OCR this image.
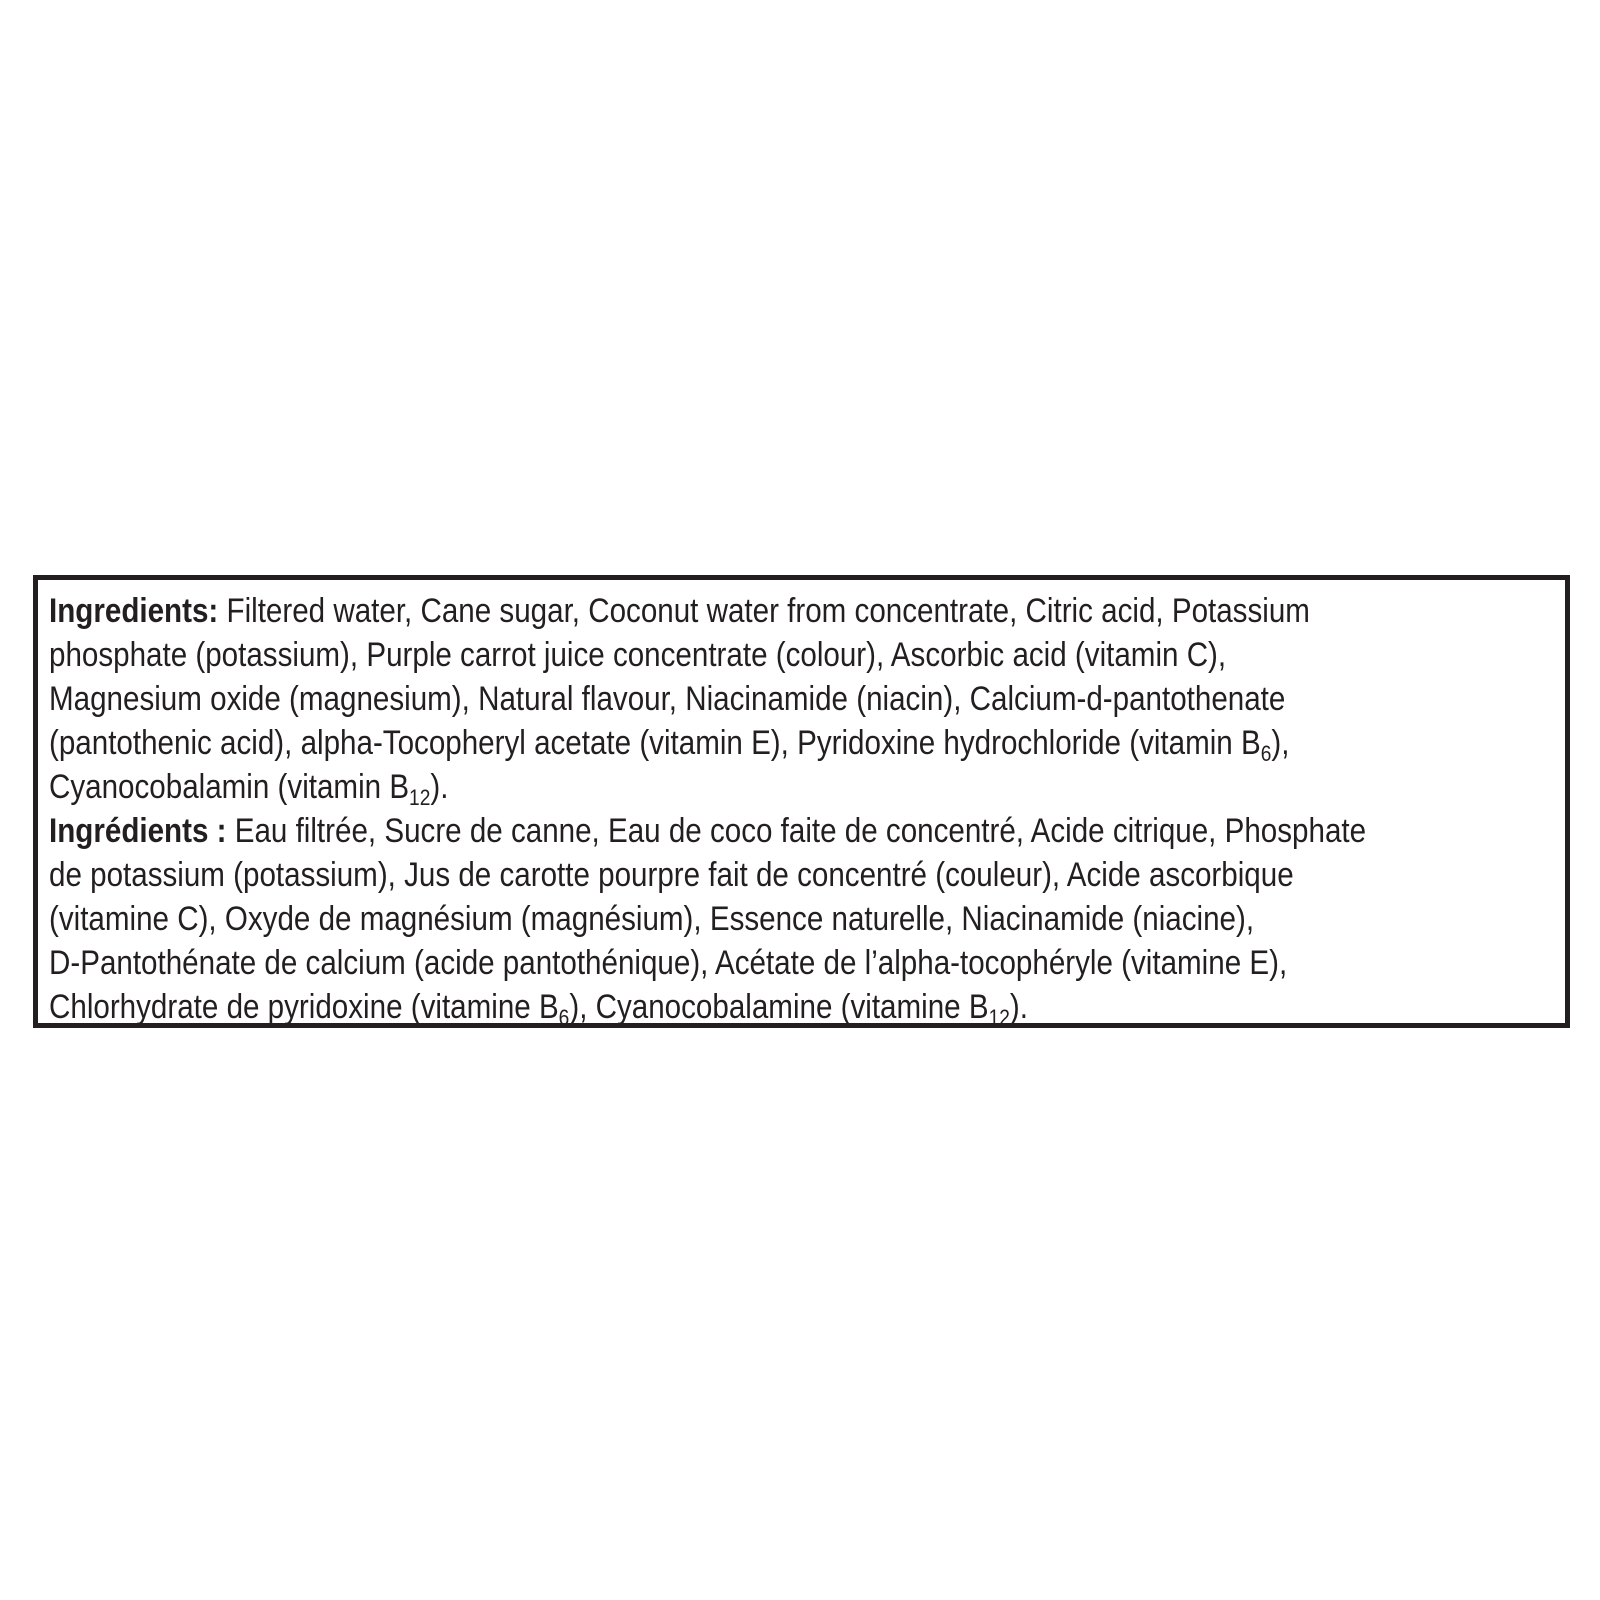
Ingredients: Filtered water, Cane sugar, Coconut water from concentrate, Citric acid, Potassium
phosphate (potassium), Purple carrot juice concentrate (colour), Ascorbic acid (vitamin C),
Magnesium oxide (magnesium), Natural flavour, Niacinamide (niacin), Calcium-d-pantothenate
(pantothenic acid), alpha-Tocopheryl acetate (vitamin E), Pyridoxine hydrochloride (vitamin $B_6$),
Cyanocobalamin (vitamin $B_{12}$).
Ingrédients : Eau filtrée, Sucre de canne, Eau de coco faite de concentré, Acide citrique, Phosphate
de potassium (potassium), Jus de carotte pourpre fait de concentré (couleur), Acide ascorbique
(vitamine C), Oxyde de magnésium (magnésium), Essence naturelle, Niacinamide (niacine),
D-Pantothénate de calcium (acide pantothénique), Acétate de l’alpha-tocophéryle (vitamine E),
Chlorhydrate de pyridoxine (vitamine $B_6$), Cyanocobalamine (vitamine $B_{12}$).
